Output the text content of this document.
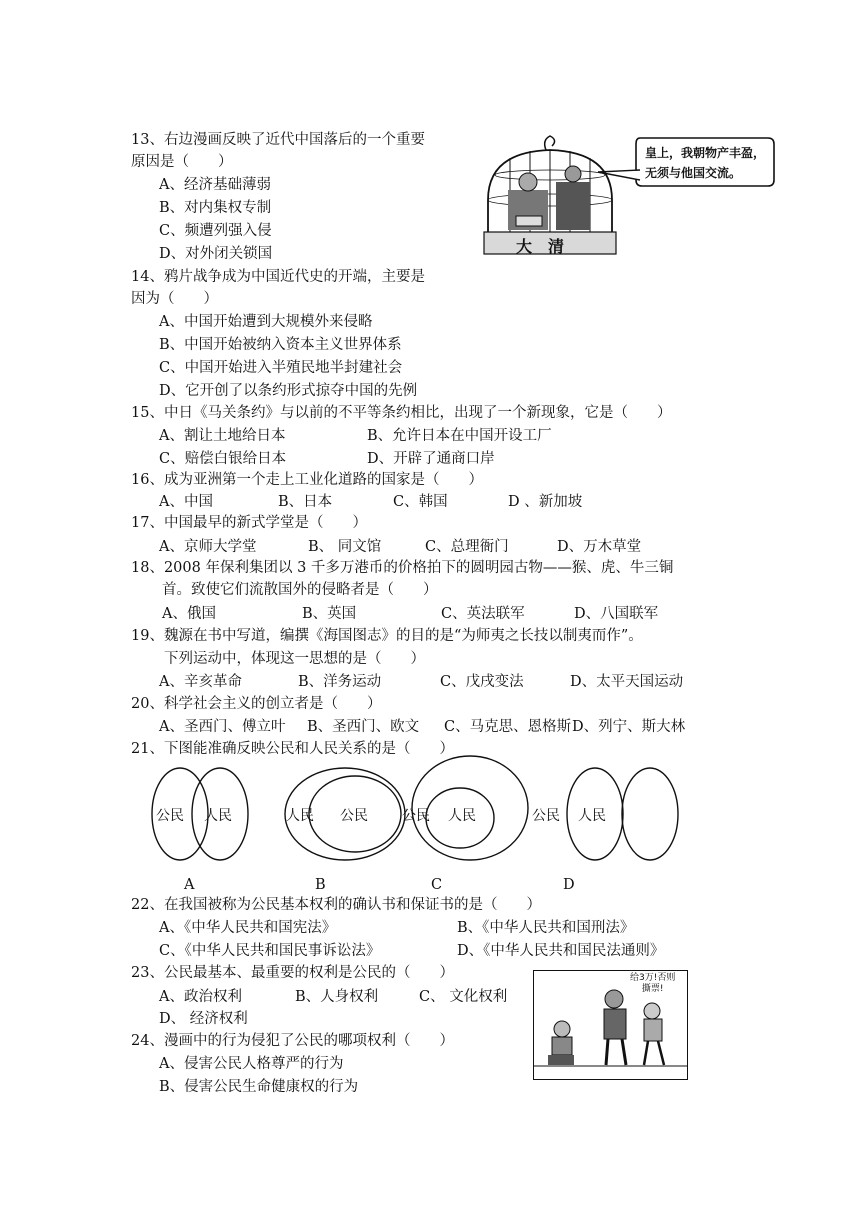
13、右边漫画反映了近代中国落后的一个重要
原因是（　　）
A、经济基础薄弱
B、对内集权专制
C、频遭列强入侵
D、对外闭关锁国
皇上，我朝物产丰盈，
无须与他国交流。
大　清
14、鸦片战争成为中国近代史的开端，主要是
因为（　　）
A、中国开始遭到大规模外来侵略
B、中国开始被纳入资本主义世界体系
C、中国开始进入半殖民地半封建社会
D、它开创了以条约形式掠夺中国的先例
15、中日《马关条约》与以前的不平等条约相比，出现了一个新现象，它是（　　）
A、割让土地给日本	B、允许日本在中国开设工厂
C、赔偿白银给日本	D、开辟了通商口岸
16、成为亚洲第一个走上工业化道路的国家是（　　）
A、中国	B、日本	C、韩国	D 、新加坡
17、中国最早的新式学堂是（　　）
A、京师大学堂	B、 同文馆	C、总理衙门	D、万木草堂
18、2008 年保利集团以 3 千多万港币的价格拍下的圆明园古物——猴、虎、牛三铜
首。致使它们流散国外的侵略者是（　　）
A、俄国	B、英国	C、英法联军	D、八国联军
19、魏源在书中写道，编撰《海国图志》的目的是“为师夷之长技以制夷而作”。
下列运动中，体现这一思想的是（　　）
A、辛亥革命	B、洋务运动	C、戊戌变法	D、太平天国运动
20、科学社会主义的创立者是（　　）
A、圣西门、傅立叶 B、圣西门、欧文 C、马克思、恩格斯 D、列宁、斯大林
21、下图能准确反映公民和人民关系的是（　　）
公民 人民	人民 公民 公民 人民	公民 人民
A	B	C	D
22、在我国被称为公民基本权利的确认书和保证书的是（　　）
A、《中华人民共和国宪法》	B、《中华人民共和国刑法》
C、《中华人民共和国民事诉讼法》	D、《中华人民共和国民法通则》
23、公民最基本、最重要的权利是公民的（　　）
A、政治权利	B、人身权利	C、 文化权利
D、 经济权利
给3万!否则
撕票!
24、漫画中的行为侵犯了公民的哪项权利（　　）
A、侵害公民人格尊严的行为
B、侵害公民生命健康权的行为
